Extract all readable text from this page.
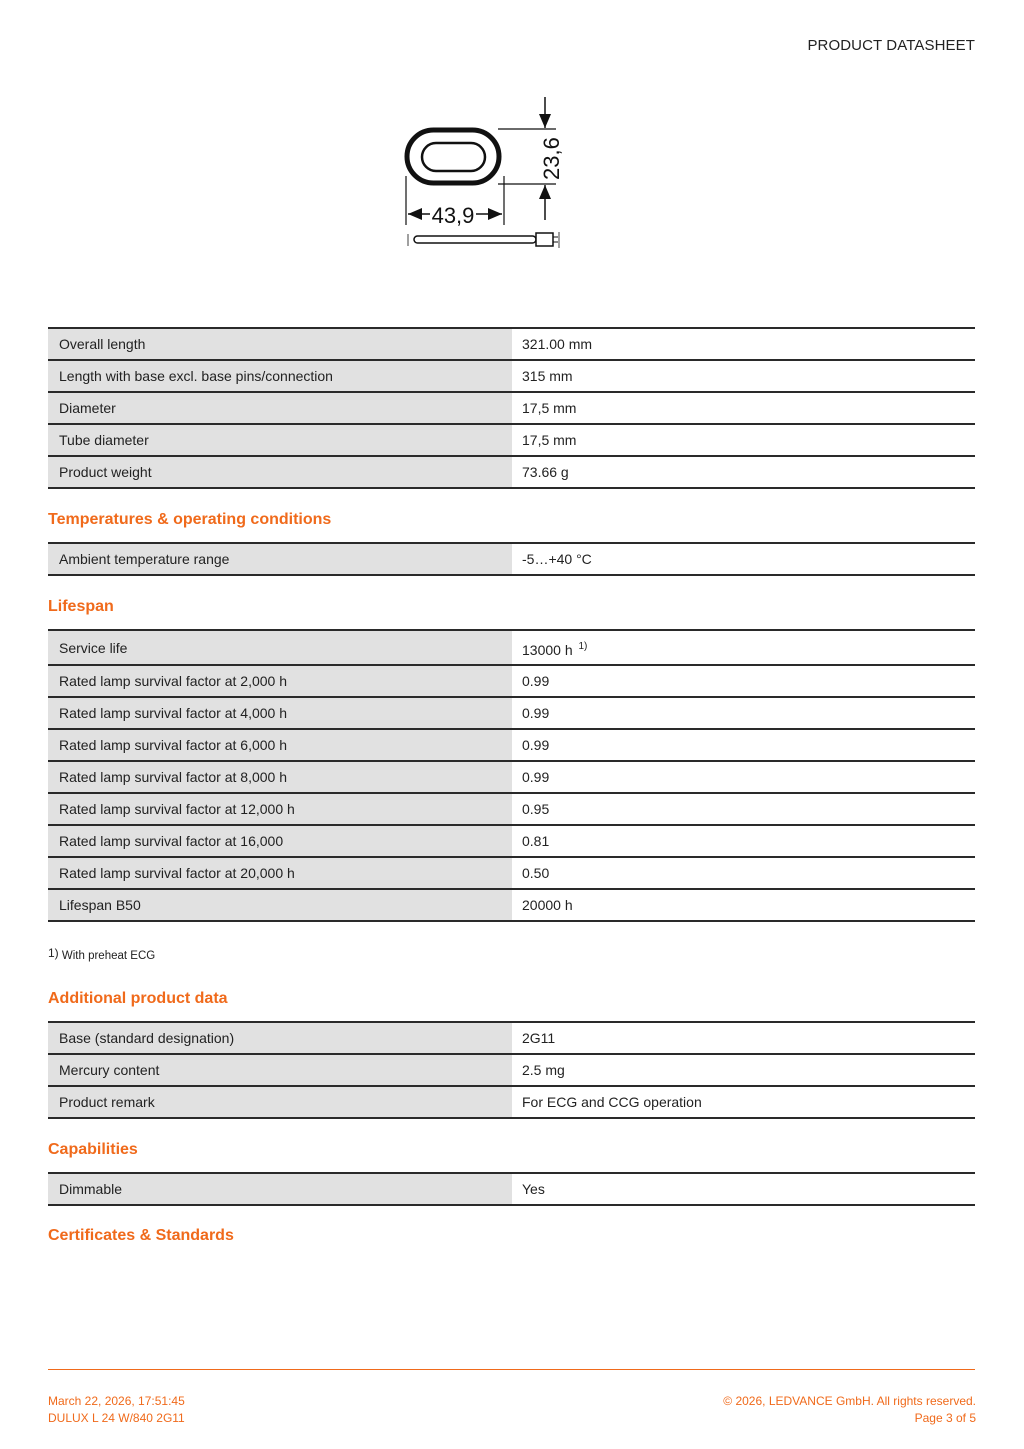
PRODUCT DATASHEET
43,9
23,6
Overall length	321.00 mm
Length with base excl. base pins/connection	315 mm
Diameter	17,5 mm
Tube diameter	17,5 mm
Product weight	73.66 g
Temperatures & operating conditions
Ambient temperature range	-5…+40 °C
Lifespan
Service life	13000 h $^{1)}$
Rated lamp survival factor at 2,000 h	0.99
Rated lamp survival factor at 4,000 h	0.99
Rated lamp survival factor at 6,000 h	0.99
Rated lamp survival factor at 8,000 h	0.99
Rated lamp survival factor at 12,000 h	0.95
Rated lamp survival factor at 16,000	0.81
Rated lamp survival factor at 20,000 h	0.50
Lifespan B50	20000 h
$^{1)}$ With preheat ECG
Additional product data
Base (standard designation)	2G11
Mercury content	2.5 mg
Product remark	For ECG and CCG operation
Capabilities
Dimmable	Yes
Certificates & Standards
March 22, 2026, 17:51:45
DULUX L 24 W/840 2G11
© 2026, LEDVANCE GmbH. All rights reserved.
Page 3 of 5
